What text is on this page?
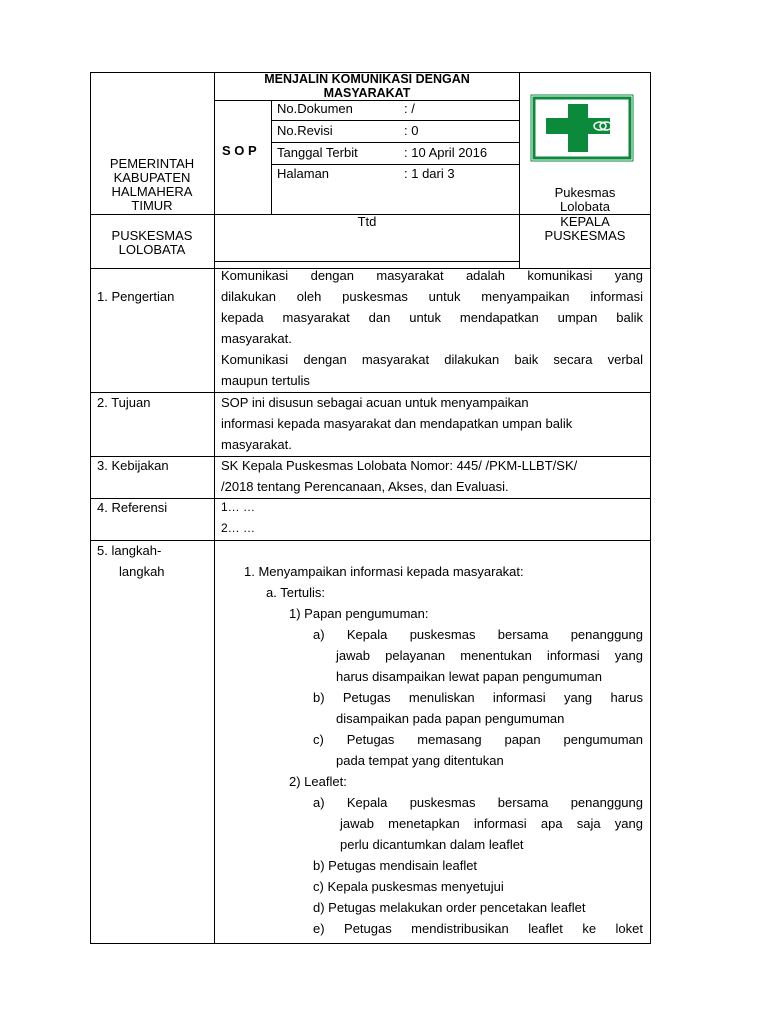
PEMERINTAH
KABUPATEN
HALMAHERA
TIMUR
MENJALIN KOMUNIKASI DENGAN
MASYARAKAT
S O P
No.Dokumen	: /
No.Revisi	: 0
Tanggal Terbit	: 10 April 2016
Halaman	: 1 dari 3
Pukesmas
Lolobata
PUSKESMAS
LOLOBATA
Ttd	KEPALA
PUSKESMAS
1. Pengertian
Komunikasi dengan masyarakat adalah komunikasi yang
dilakukan oleh puskesmas untuk menyampaikan informasi
kepada masyarakat dan untuk mendapatkan umpan balik
masyarakat.
Komunikasi dengan masyarakat dilakukan baik secara verbal
maupun tertulis
2. Tujuan	SOP ini disusun sebagai acuan untuk menyampaikan
informasi kepada masyarakat dan mendapatkan umpan balik
masyarakat.
3. Kebijakan	SK Kepala Puskesmas Lolobata Nomor: 445/ /PKM-LLBT/SK/
/2018 tentang Perencanaan, Akses, dan Evaluasi.
4. Referensi	1… …
2… …
5. langkah-
langkah	1. Menyampaikan informasi kepada masyarakat:
a. Tertulis:
1) Papan pengumuman:
a) Kepala puskesmas bersama penanggung
jawab pelayanan menentukan informasi yang
harus disampaikan lewat papan pengumuman
b) Petugas menuliskan informasi yang harus
disampaikan pada papan pengumuman
c) Petugas memasang papan pengumuman
pada tempat yang ditentukan
2) Leaflet:
a) Kepala puskesmas bersama penanggung
jawab menetapkan informasi apa saja yang
perlu dicantumkan dalam leaflet
b) Petugas mendisain leaflet
c) Kepala puskesmas menyetujui
d) Petugas melakukan order pencetakan leaflet
e) Petugas mendistribusikan leaflet ke loket
